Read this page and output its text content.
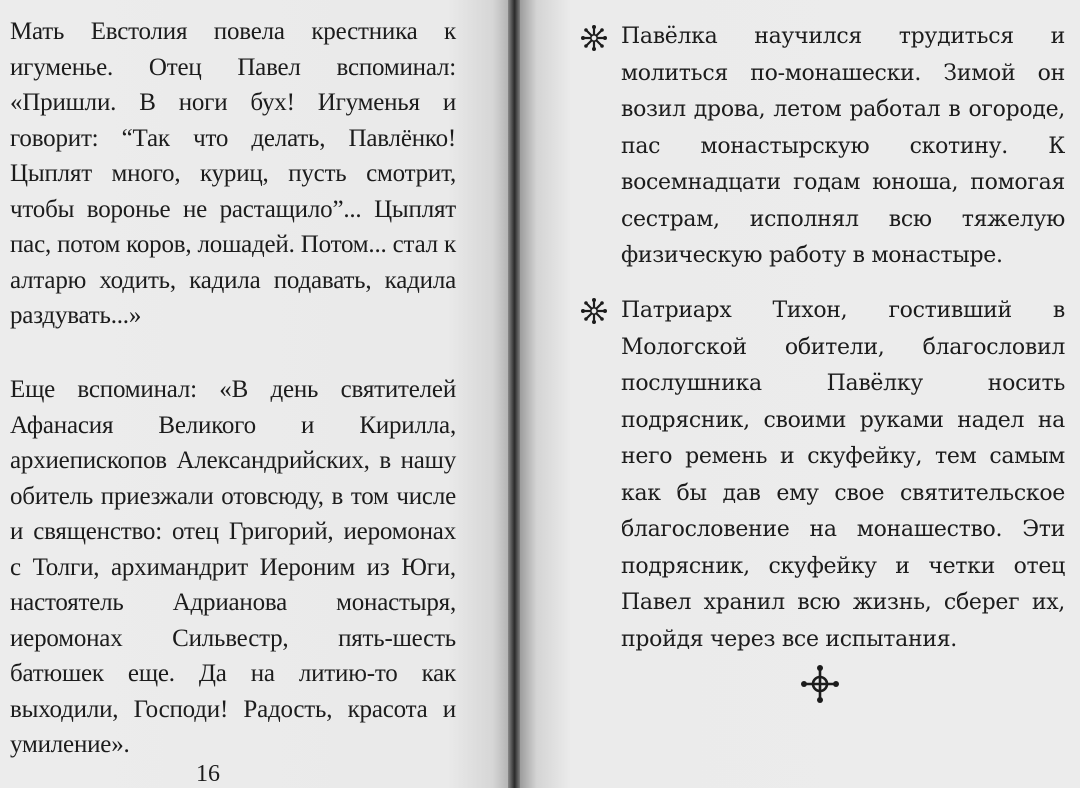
Мать Евстолия повела крестника к игуменье. Отец Павел вспоминал: «Пришли. В ноги бух! Игуменья и говорит: “Так что делать, Павлёнко! Цыплят много, куриц, пусть смотрит, чтобы воронье не растащило”... Цыплят пас, потом коров, лошадей. Потом... стал к алтарю ходить, кадила подавать, кадила раздувать...»

Еще вспоминал: «В день святителей Афанасия Великого и Кирилла, архиепископов Александрийских, в нашу обитель приезжали отовсюду, в том числе и священство: отец Григорий, иеромонах с Толги, архимандрит Иероним из Юги, настоятель Адрианова монастыря, иеромонах Сильвестр, пять-шесть батюшек еще. Да на литию-то как выходили, Господи! Радость, красота и умиление».

16

Павёлка научился трудиться и молиться по-монашески. Зимой он возил дрова, летом работал в огороде, пас монастырскую скотину. К восемнадцати годам юноша, помогая сестрам, исполнял всю тяжелую физическую работу в монастыре.

Патриарх Тихон, гостивший в Мологской обители, благословил послушника Павёлку носить подрясник, своими руками надел на него ремень и скуфейку, тем самым как бы дав ему свое святительское благословение на монашество. Эти подрясник, скуфейку и четки отец Павел хранил всю жизнь, сберег их, пройдя через все испытания.
